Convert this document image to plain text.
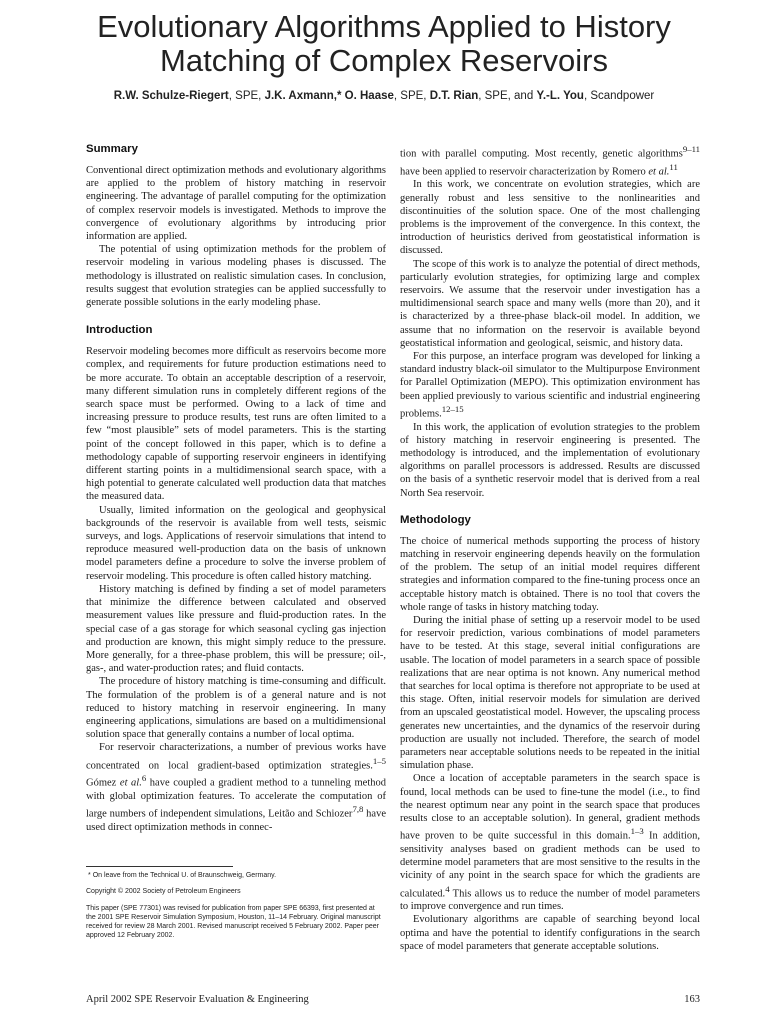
Evolutionary Algorithms Applied to History
Matching of Complex Reservoirs
R.W. Schulze-Riegert, SPE, J.K. Axmann,* O. Haase, SPE, D.T. Rian, SPE, and Y.-L. You, Scandpower
Summary

Conventional direct optimization methods and evolutionary algorithms are applied to the problem of history matching in reservoir engineering. The advantage of parallel computing for the optimization of complex reservoir models is investigated. Methods to improve the convergence of evolutionary algorithms by introducing prior information are applied.

The potential of using optimization methods for the problem of reservoir modeling in various modeling phases is discussed. The methodology is illustrated on realistic simulation cases. In conclusion, results suggest that evolution strategies can be applied successfully to generate possible solutions in the early modeling phase.

Introduction

Reservoir modeling becomes more difficult as reservoirs become more complex, and requirements for future production estimations need to be more accurate. To obtain an acceptable description of a reservoir, many different simulation runs in completely different regions of the search space must be performed. Owing to a lack of time and increasing pressure to produce results, test runs are often limited to a few “most plausible” sets of model parameters. This is the starting point of the concept followed in this paper, which is to define a methodology capable of supporting reservoir engineers in identifying different starting points in a multidimensional search space, with a high potential to generate calculated well production data that matches the measured data.

Usually, limited information on the geological and geophysical backgrounds of the reservoir is available from well tests, seismic surveys, and logs. Applications of reservoir simulations that intend to reproduce measured well-production data on the basis of unknown model parameters define a procedure to solve the inverse problem of reservoir modeling. This procedure is often called history matching.

History matching is defined by finding a set of model parameters that minimize the difference between calculated and observed measurement values like pressure and fluid-production rates. In the special case of a gas storage for which seasonal cycling gas injection and production are known, this might simply reduce to the pressure. More generally, for a three-phase problem, this will be pressure; oil-, gas-, and water-production rates; and fluid contacts.

The procedure of history matching is time-consuming and difficult. The formulation of the problem is of a general nature and is not reduced to history matching in reservoir engineering. In many engineering applications, simulations are based on a multidimensional solution space that generally contains a number of local optima.

For reservoir characterizations, a number of previous works have concentrated on local gradient-based optimization strategies.$^{1-5}$ Gómez et al.$^6$ have coupled a gradient method to a tunneling method with global optimization features. To accelerate the computation of large numbers of independent simulations, Leitão and Schiozer$^{7,8}$ have used direct optimization methods in connec-

* On leave from the Technical U. of Braunschweig, Germany.
Copyright © 2002 Society of Petroleum Engineers
This paper (SPE 77301) was revised for publication from paper SPE 66393, first presented at the 2001 SPE Reservoir Simulation Symposium, Houston, 11–14 February. Original manuscript received for review 28 March 2001. Revised manuscript received 5 February 2002. Paper peer approved 12 February 2002.

tion with parallel computing. Most recently, genetic algorithms$^{9-11}$ have been applied to reservoir characterization by Romero et al.$^{11}$

In this work, we concentrate on evolution strategies, which are generally robust and less sensitive to the nonlinearities and discontinuities of the solution space. One of the most challenging problems is the improvement of the convergence. In this context, the introduction of heuristics derived from geostatistical information is discussed.

The scope of this work is to analyze the potential of direct methods, particularly evolution strategies, for optimizing large and complex reservoirs. We assume that the reservoir under investigation has a multidimensional search space and many wells (more than 20), and it is characterized by a three-phase black-oil model. In addition, we assume that no information on the reservoir is available beyond geostatistical information and geological, seismic, and history data.

For this purpose, an interface program was developed for linking a standard industry black-oil simulator to the Multipurpose Environment for Parallel Optimization (MEPO). This optimization environment has been applied previously to various scientific and industrial engineering problems.$^{12-15}$

In this work, the application of evolution strategies to the problem of history matching in reservoir engineering is presented. The methodology is introduced, and the implementation of evolutionary algorithms on parallel processors is addressed. Results are discussed on the basis of a synthetic reservoir model that is derived from a real North Sea reservoir.

Methodology

The choice of numerical methods supporting the process of history matching in reservoir engineering depends heavily on the formulation of the problem. The setup of an initial model requires different strategies and information compared to the fine-tuning process once an acceptable history match is obtained. There is no tool that covers the whole range of tasks in history matching today.

During the initial phase of setting up a reservoir model to be used for reservoir prediction, various combinations of model parameters have to be tested. At this stage, several initial configurations are usable. The location of model parameters in a search space of possible realizations that are near optima is not known. Any numerical method that searches for local optima is therefore not appropriate to be used at this stage. Often, initial reservoir models for simulation are derived from an upscaled geostatistical model. However, the upscaling process generates new uncertainties, and the dynamics of the reservoir during production are usually not included. Therefore, the search of model parameters near acceptable solutions needs to be repeated in the initial simulation phase.

Once a location of acceptable parameters in the search space is found, local methods can be used to fine-tune the model (i.e., to find the nearest optimum near any point in the search space that produces results close to an acceptable solution). In general, gradient methods have proven to be quite successful in this domain.$^{1-3}$ In addition, sensitivity analyses based on gradient methods can be used to determine model parameters that are most sensitive to the results in the vicinity of any point in the search space for which the gradients are calculated.$^4$ This allows us to reduce the number of model parameters to improve convergence and run times.

Evolutionary algorithms are capable of searching beyond local optima and have the potential to identify configurations in the search space of model parameters that generate acceptable solutions.

April 2002 SPE Reservoir Evaluation & Engineering	163
